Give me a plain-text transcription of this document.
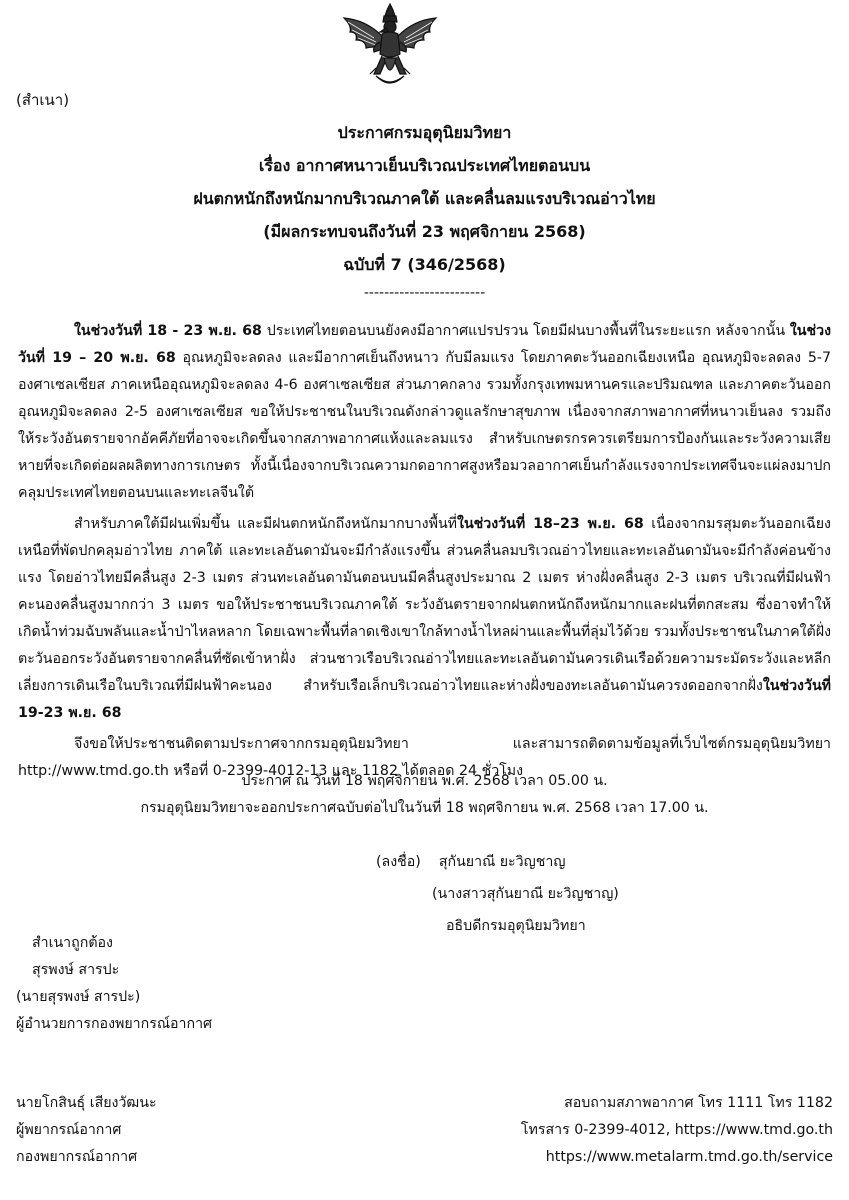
(สำเนา)
ประกาศกรมอุตุนิยมวิทยา
เรื่อง อากาศหนาวเย็นบริเวณประเทศไทยตอนบน
ฝนตกหนักถึงหนักมากบริเวณภาคใต้ และคลื่นลมแรงบริเวณอ่าวไทย
(มีผลกระทบจนถึงวันที่ 23 พฤศจิกายน 2568)
ฉบับที่ 7 (346/2568)
------------------------

ในช่วงวันที่ 18 - 23 พ.ย. 68 ประเทศไทยตอนบนยังคงมีอากาศแปรปรวน โดยมีฝนบางพื้นที่ในระยะแรก หลังจากนั้น ในช่วงวันที่ 19 – 20 พ.ย. 68 อุณหภูมิจะลดลง และมีอากาศเย็นถึงหนาว กับมีลมแรง โดยภาคตะวันออกเฉียงเหนือ อุณหภูมิจะลดลง 5-7 องศาเซลเซียส ภาคเหนืออุณหภูมิจะลดลง 4-6 องศาเซลเซียส ส่วนภาคกลาง รวมทั้งกรุงเทพมหานครและปริมณฑล และภาคตะวันออก อุณหภูมิจะลดลง 2-5 องศาเซลเซียส ขอให้ประชาชนในบริเวณดังกล่าวดูแลรักษาสุขภาพ เนื่องจากสภาพอากาศที่หนาวเย็นลง รวมถึงให้ระวังอันตรายจากอัคคีภัยที่อาจจะเกิดขึ้นจากสภาพอากาศแห้งและลมแรง สำหรับเกษตรกรควรเตรียมการป้องกันและระวังความเสียหายที่จะเกิดต่อผลผลิตทางการเกษตร ทั้งนี้เนื่องจากบริเวณความกดอากาศสูงหรือมวลอากาศเย็นกำลังแรงจากประเทศจีนจะแผ่ลงมาปกคลุมประเทศไทยตอนบนและทะเลจีนใต้

สำหรับภาคใต้มีฝนเพิ่มขึ้น และมีฝนตกหนักถึงหนักมากบางพื้นที่ในช่วงวันที่ 18–23 พ.ย. 68 เนื่องจากมรสุมตะวันออกเฉียงเหนือที่พัดปกคลุมอ่าวไทย ภาคใต้ และทะเลอันดามันจะมีกำลังแรงขึ้น ส่วนคลื่นลมบริเวณอ่าวไทยและทะเลอันดามันจะมีกำลังค่อนข้างแรง โดยอ่าวไทยมีคลื่นสูง 2-3 เมตร ส่วนทะเลอันดามันตอนบนมีคลื่นสูงประมาณ 2 เมตร ห่างฝั่งคลื่นสูง 2-3 เมตร บริเวณที่มีฝนฟ้าคะนองคลื่นสูงมากกว่า 3 เมตร ขอให้ประชาชนบริเวณภาคใต้ ระวังอันตรายจากฝนตกหนักถึงหนักมากและฝนที่ตกสะสม ซึ่งอาจทำให้เกิดน้ำท่วมฉับพลันและน้ำป่าไหลหลาก โดยเฉพาะพื้นที่ลาดเชิงเขาใกล้ทางน้ำไหลผ่านและพื้นที่ลุ่มไว้ด้วย รวมทั้งประชาชนในภาคใต้ฝั่งตะวันออกระวังอันตรายจากคลื่นที่ซัดเข้าหาฝั่ง ส่วนชาวเรือบริเวณอ่าวไทยและทะเลอันดามันควรเดินเรือด้วยความระมัดระวังและหลีกเลี่ยงการเดินเรือในบริเวณที่มีฝนฟ้าคะนอง สำหรับเรือเล็กบริเวณอ่าวไทยและห่างฝั่งของทะเลอันดามันควรงดออกจากฝั่งในช่วงวันที่ 19-23 พ.ย. 68

จึงขอให้ประชาชนติดตามประกาศจากกรมอุตุนิยมวิทยา และสามารถติดตามข้อมูลที่เว็บไซต์กรมอุตุนิยมวิทยา http://www.tmd.go.th หรือที่ 0-2399-4012-13 และ 1182 ได้ตลอด 24 ชั่วโมง

ประกาศ ณ วันที่ 18 พฤศจิกายน พ.ศ. 2568 เวลา 05.00 น.
กรมอุตุนิยมวิทยาจะออกประกาศฉบับต่อไปในวันที่ 18 พฤศจิกายน พ.ศ. 2568 เวลา 17.00 น.
(ลงชื่อ) สุกันยาณี ยะวิญชาญ
(นางสาวสุกันยาณี ยะวิญชาญ)
อธิบดีกรมอุตุนิยมวิทยา
สำเนาถูกต้อง
สุรพงษ์ สารปะ
(นายสุรพงษ์ สารปะ)
ผู้อำนวยการกองพยากรณ์อากาศ
นายโกสินธุ์ เสียงวัฒนะ
ผู้พยากรณ์อากาศ
กองพยากรณ์อากาศ
สอบถามสภาพอากาศ โทร 1111 โทร 1182
โทรสาร 0-2399-4012, https://www.tmd.go.th
https://www.metalarm.tmd.go.th/service
